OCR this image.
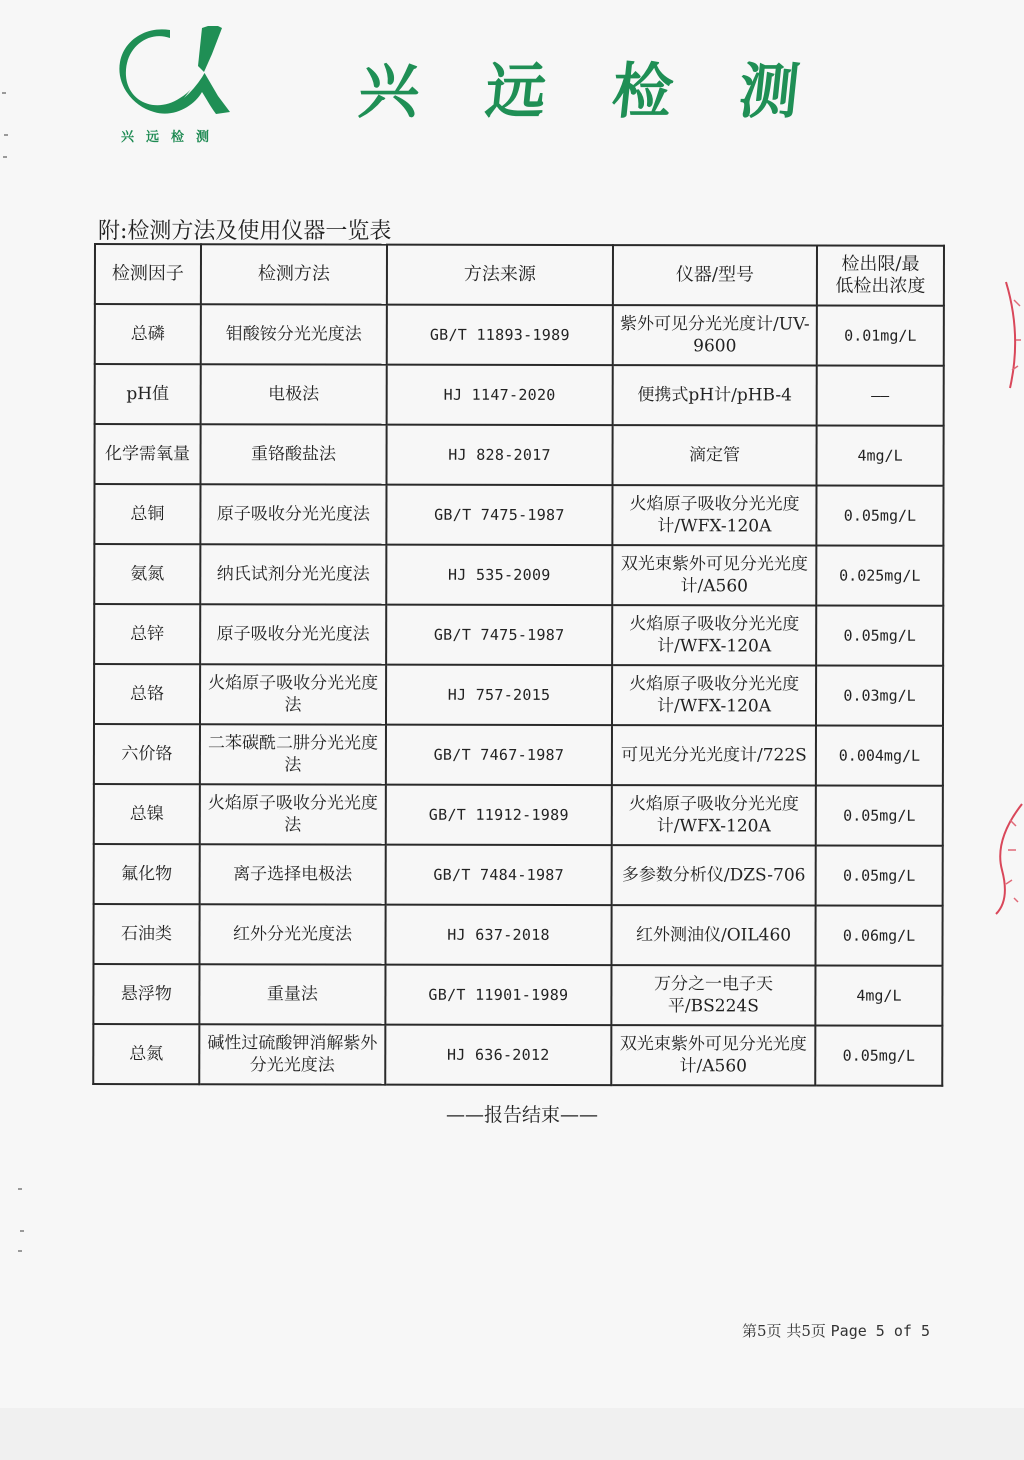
兴远检测
兴 远 检 测
附:检测方法及使用仪器一览表
检测因子	检测方法	方法来源	仪器/型号	检出限/最低检出浓度
总磷	钼酸铵分光光度法	GB/T 11893-1989	紫外可见分光光度计/UV-9600	0.01mg/L
pH值	电极法	HJ 1147-2020	便携式pH计/pHB-4	——
化学需氧量	重铬酸盐法	HJ 828-2017	滴定管	4mg/L
总铜	原子吸收分光光度法	GB/T 7475-1987	火焰原子吸收分光光度计/WFX-120A	0.05mg/L
氨氮	纳氏试剂分光光度法	HJ 535-2009	双光束紫外可见分光光度计/A560	0.025mg/L
总锌	原子吸收分光光度法	GB/T 7475-1987	火焰原子吸收分光光度计/WFX-120A	0.05mg/L
总铬	火焰原子吸收分光光度法	HJ 757-2015	火焰原子吸收分光光度计/WFX-120A	0.03mg/L
六价铬	二苯碳酰二肼分光光度法	GB/T 7467-1987	可见光分光光度计/722S	0.004mg/L
总镍	火焰原子吸收分光光度法	GB/T 11912-1989	火焰原子吸收分光光度计/WFX-120A	0.05mg/L
氟化物	离子选择电极法	GB/T 7484-1987	多参数分析仪/DZS-706	0.05mg/L
石油类	红外分光光度法	HJ 637-2018	红外测油仪/OIL460	0.06mg/L
悬浮物	重量法	GB/T 11901-1989	万分之一电子天平/BS224S	4mg/L
总氮	碱性过硫酸钾消解紫外分光光度法	HJ 636-2012	双光束紫外可见分光光度计/A560	0.05mg/L
——报告结束——
第5页 共5页 Page 5 of 5
